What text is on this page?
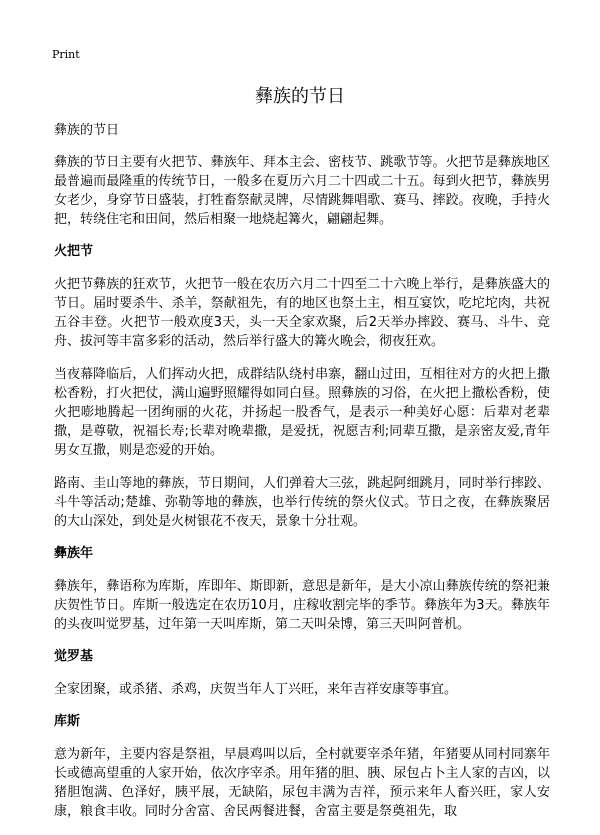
Print
彝族的节日

彝族的节日

彝族的节日主要有火把节、彝族年、拜本主会、密枝节、跳歌节等。火把节是彝族地区最普遍而最隆重的传统节日，一般多在夏历六月二十四或二十五。每到火把节，彝族男女老少，身穿节日盛装，打牲畜祭献灵牌，尽情跳舞唱歌、赛马、摔跤。夜晚，手持火把，转绕住宅和田间，然后相聚一地烧起篝火，翩翩起舞。

火把节

火把节彝族的狂欢节，火把节一般在农历六月二十四至二十六晚上举行，是彝族盛大的节日。届时要杀牛、杀羊，祭献祖先，有的地区也祭土主，相互宴饮，吃坨坨肉，共祝五谷丰登。火把节一般欢度3天，头一天全家欢聚，后2天举办摔跤、赛马、斗牛、竞舟、拔河等丰富多彩的活动，然后举行盛大的篝火晚会，彻夜狂欢。

当夜幕降临后，人们挥动火把，成群结队绕村串寨，翻山过田，互相往对方的火把上撒松香粉，打火把仗，满山遍野照耀得如同白昼。照彝族的习俗，在火把上撒松香粉，使火把嘭地腾起一团绚丽的火花，并扬起一股香气，是表示一种美好心愿：后辈对老辈撒，是尊敬，祝福长寿;长辈对晚辈撒，是爱抚，祝愿吉利;同辈互撒，是亲密友爱,青年男女互撒，则是恋爱的开始。

路南、圭山等地的彝族，节日期间，人们弹着大三弦，跳起阿细跳月，同时举行摔跤、斗牛等活动;楚雄、弥勒等地的彝族，也举行传统的祭火仪式。节日之夜，在彝族聚居的大山深处，到处是火树银花不夜天，景象十分壮观。

彝族年

彝族年，彝语称为库斯，库即年、斯即新，意思是新年，是大小凉山彝族传统的祭祀兼庆贺性节日。库斯一般选定在农历10月，庄稼收割完毕的季节。彝族年为3天。彝族年的头夜叫觉罗基，过年第一天叫库斯，第二天叫朵博，第三天叫阿普机。

觉罗基

全家团聚，或杀猪、杀鸡，庆贺当年人丁兴旺，来年吉祥安康等事宜。

库斯

意为新年，主要内容是祭祖，早晨鸡叫以后，全村就要宰杀年猪，年猪要从同村同寨年长或德高望重的人家开始，依次序宰杀。用年猪的胆、胰、尿包占卜主人家的吉凶，以猪胆饱满、色泽好，胰平展，无缺陷，尿包丰满为吉祥，预示来年人畜兴旺，家人安康，粮食丰收。同时分舍富、舍民两餐进餐，舍富主要是祭奠祖先，取
